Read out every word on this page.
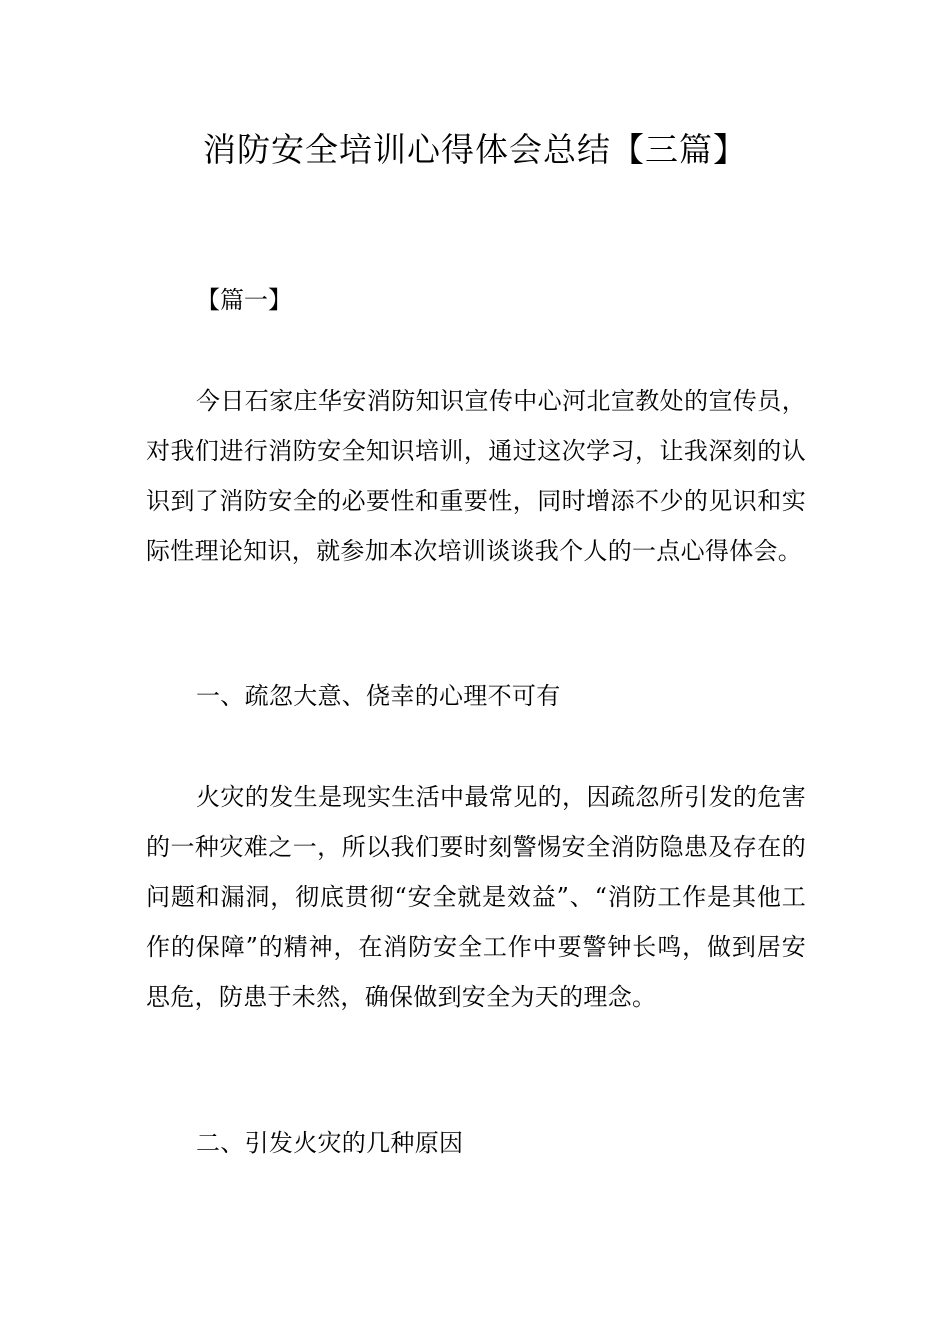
消防安全培训心得体会总结【三篇】

【篇一】

今日石家庄华安消防知识宣传中心河北宣教处的宣传员，对我们进行消防安全知识培训，通过这次学习，让我深刻的认识到了消防安全的必要性和重要性，同时增添不少的见识和实际性理论知识，就参加本次培训谈谈我个人的一点心得体会。

一、疏忽大意、侥幸的心理不可有

火灾的发生是现实生活中最常见的，因疏忽所引发的危害的一种灾难之一，所以我们要时刻警惕安全消防隐患及存在的问题和漏洞，彻底贯彻“安全就是效益”、“消防工作是其他工作的保障”的精神，在消防安全工作中要警钟长鸣，做到居安思危，防患于未然，确保做到安全为天的理念。

二、引发火灾的几种原因
